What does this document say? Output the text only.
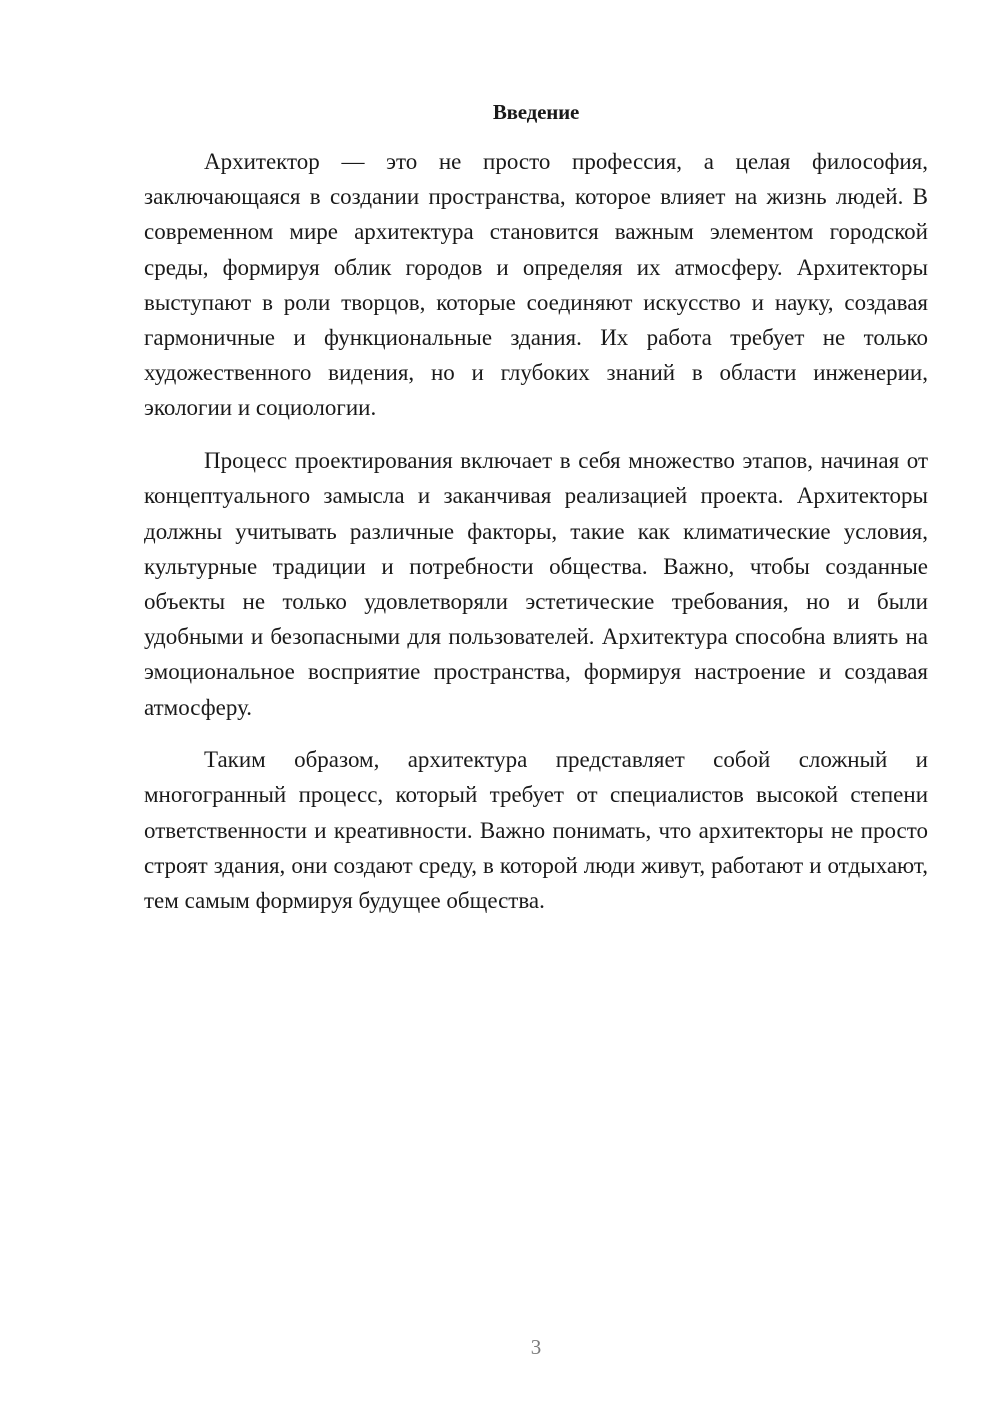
Введение

Архитектор — это не просто профессия, а целая философия, заключающаяся в создании пространства, которое влияет на жизнь людей. В современном мире архитектура становится важным элементом городской среды, формируя облик городов и определяя их атмосферу. Архитекторы выступают в роли творцов, которые соединяют искусство и науку, создавая гармоничные и функциональные здания. Их работа требует не только художественного видения, но и глубоких знаний в области инженерии, экологии и социологии.

Процесс проектирования включает в себя множество этапов, начиная от концептуального замысла и заканчивая реализацией проекта. Архитекторы должны учитывать различные факторы, такие как климатические условия, культурные традиции и потребности общества. Важно, чтобы созданные объекты не только удовлетворяли эстетические требования, но и были удобными и безопасными для пользователей. Архитектура способна влиять на эмоциональное восприятие пространства, формируя настроение и создавая атмосферу.

Таким образом, архитектура представляет собой сложный и многогранный процесс, который требует от специалистов высокой степени ответственности и креативности. Важно понимать, что архитекторы не просто строят здания, они создают среду, в которой люди живут, работают и отдыхают, тем самым формируя будущее общества.

3
